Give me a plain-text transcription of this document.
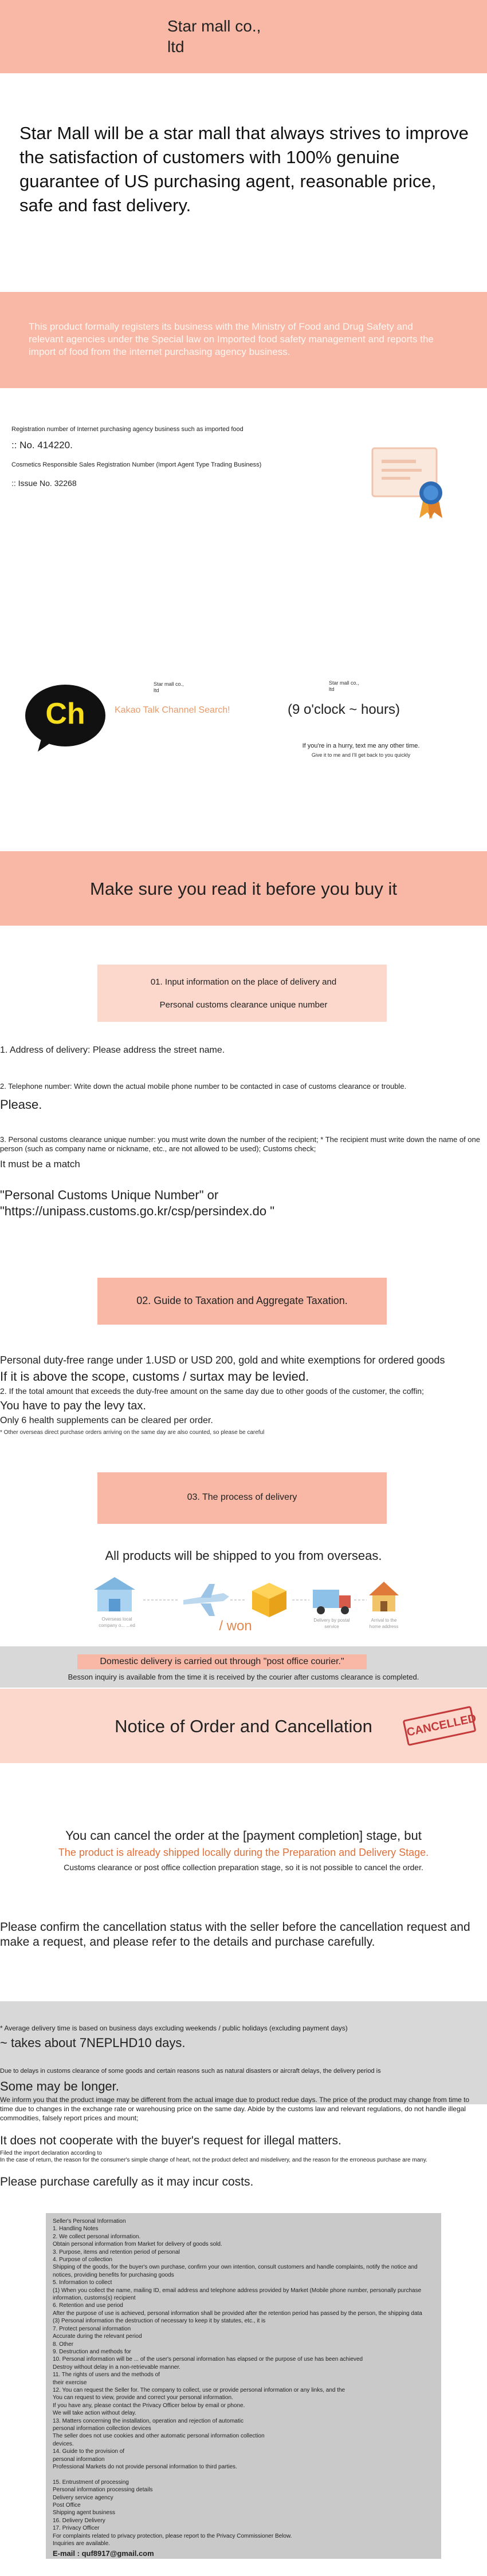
Star mall co.,
ltd
Star Mall will be a star mall that always strives to improve the satisfaction of customers with 100% genuine guarantee of US purchasing agent, reasonable price, safe and fast delivery.
This product formally registers its business with the Ministry of Food and Drug Safety and relevant agencies under the Special law on Imported food safety management and reports the import of food from the internet purchasing agency business.
Registration number of Internet purchasing agency business such as imported food
:: No. 414220.
Cosmetics Responsible Sales Registration Number (Import Agent Type Trading Business)
:: Issue No. 32268
Ch
Star mall co., ltd
Kakao Talk Channel Search!
Star mall co., ltd
(9 o'clock ~ hours)
If you're in a hurry, text me any other time.
Give it to me and I'll get back to you quickly
Make sure you read it before you buy it
01. Input information on the place of delivery and
Personal customs clearance unique number
1. Address of delivery: Please address the street name.
2. Telephone number: Write down the actual mobile phone number to be contacted in case of customs clearance or trouble.
Please.
3. Personal customs clearance unique number: you must write down the number of the recipient; * The recipient must write down the name of one person (such as company name or nickname, etc., are not allowed to be used); Customs check;
It must be a match
"Personal Customs Unique Number" or "https://unipass.customs.go.kr/csp/persindex.do "
02. Guide to Taxation and Aggregate Taxation.
Personal duty-free range under 1.USD or USD 200, gold and white exemptions for ordered goods
If it is above the scope, customs / surtax may be levied.
2. If the total amount that exceeds the duty-free amount on the same day due to other goods of the customer, the coffin;
You have to pay the levy tax.
Only 6 health supplements can be cleared per order.
* Other overseas direct purchase orders arriving on the same day are also counted, so please be careful
03. The process of delivery
All products will be shipped to you from overseas.
Overseas local company o... ...ed	/ won	Delivery by postal service
Arrival to the home address
Domestic delivery is carried out through "post office courier."
Besson inquiry is available from the time it is received by the courier after customs clearance is completed.
Notice of Order and Cancellation	CANCELLED
You can cancel the order at the [payment completion] stage, but
The product is already shipped locally during the Preparation and Delivery Stage.
Customs clearance or post office collection preparation stage, so it is not possible to cancel the order.
Please confirm the cancellation status with the seller before the cancellation request and make a request, and please refer to the details and purchase carefully.
* Average delivery time is based on business days excluding weekends / public holidays (excluding payment days)
~ takes about 7NEPLHD10 days.
Due to delays in customs clearance of some goods and certain reasons such as natural disasters or aircraft delays, the delivery period is
Some may be longer.
We inform you that the product image may be different from the actual image due to product redue days. The price of the product may change from time to time due to changes in the exchange rate or warehousing price on the same day. Abide by the customs law and relevant regulations, do not handle illegal commodities, falsely report prices and mount;
It does not cooperate with the buyer's request for illegal matters.
Filed the import declaration according to
In the case of return, the reason for the consumer's simple change of heart, not the product defect and misdelivery, and the reason for the erroneous purchase are many.
Please purchase carefully as it may incur costs.
Seller's Personal Information
1. Handling Notes
2. We collect personal information.
Obtain personal information from Market for delivery of goods sold.
3. Purpose, items and retention period of personal
4. Purpose of collection
Shipping of the goods, for the buyer's own purchase, confirm your own intention, consult customers and handle complaints, notify the notice and notices, providing benefits for purchasing goods
5. Information to collect
(1) When you collect the name, mailing ID, email address and telephone address provided by Market (Mobile phone number, personally purchase information, customs(s) recipient
6. Retention and use period
After the purpose of use is achieved, personal information shall be provided after the retention period has passed by the person, the shipping data
(3) Personal information the destruction of necessary to keep it by statutes, etc., it is
7. Protect personal information
Accurate during the relevant period
8. Other
9. Destruction and methods for
10. Personal information will be ... of the user's personal information has elapsed or the purpose of use has been achieved
Destroy without delay in a non-retrievable manner.
11. The rights of users and the methods of
their exercise
12. You can request the Seller for. The company to collect, use or provide personal information or any links, and the
You can request to view, provide and correct your personal information.
If you have any, please contact the Privacy Officer below by email or phone.
We will take action without delay.
13. Matters concerning the installation, operation and rejection of automatic
personal information collection devices
The seller does not use cookies and other automatic personal information collection
devices.
14. Guide to the provision of
personal information
Professional Markets do not provide personal information to third parties.

15. Entrustment of processing
Personal information processing details
Delivery service agency
Post Office
Shipping agent business
16. Delivery Delivery
17. Privacy Officer
For complaints related to privacy protection, please report to the Privacy Commissioner Below.
Inquiries are available.
E-mail : quf8917@gmail.com
